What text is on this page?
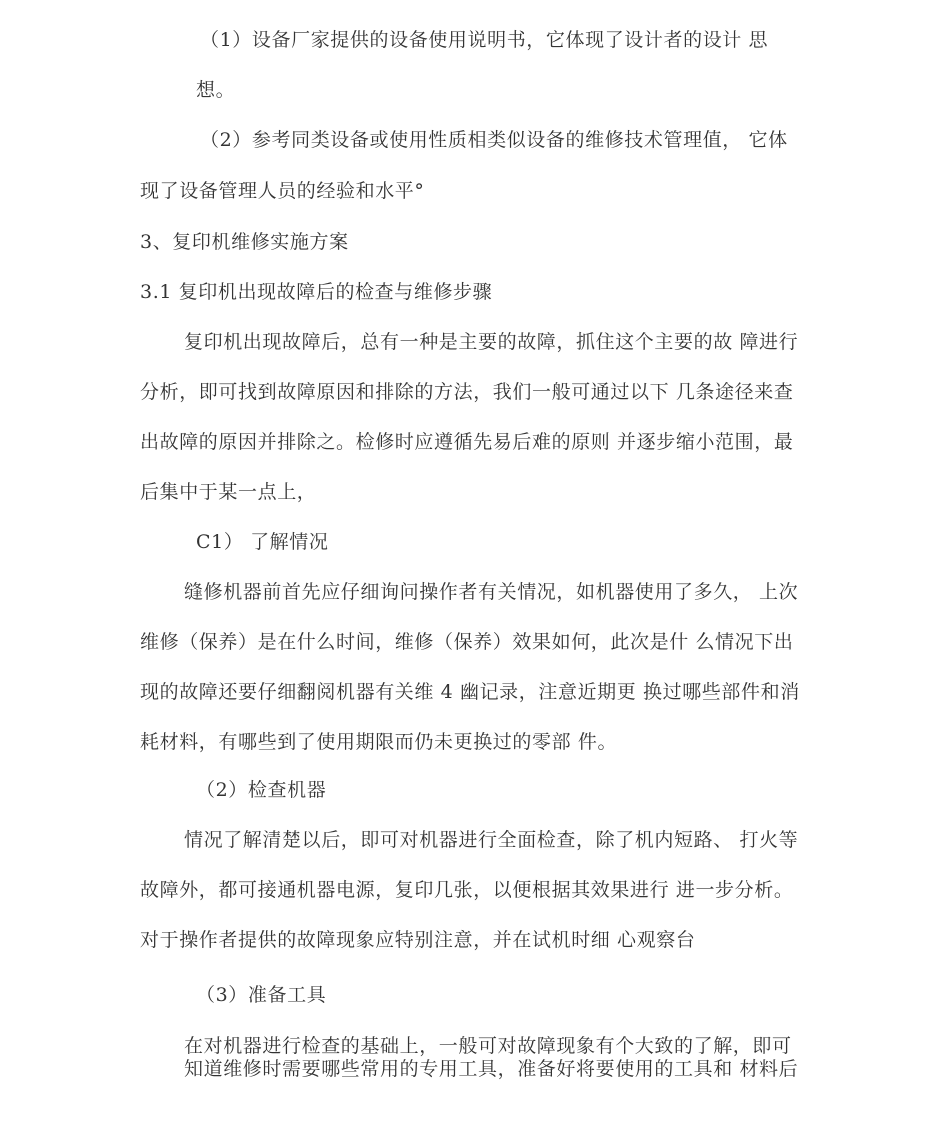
（1）设备厂家提供的设备使用说明书，它体现了设计者的设计 思
想。
（2）参考同类设备或使用性质相类似设备的维修技术管理值， 它体
现了设备管理人员的经验和水平°
3、复印机维修实施方案
3.1 复印机出现故障后的检查与维修步骤
复印机出现故障后，总有一种是主要的故障，抓住这个主要的故 障进行
分析，即可找到故障原因和排除的方法，我们一般可通过以下 几条途径来查
出故障的原因并排除之。检修时应遵循先易后难的原则 并逐步缩小范围，最
后集中于某一点上，
C1） 了解情况
缝修机器前首先应仔细询问操作者有关情况，如机器使用了多久， 上次
维修（保养）是在什么时间，维修（保养）效果如何，此次是什 么情况下出
现的故障还要仔细翻阅机器有关维 4 幽记录，注意近期更 换过哪些部件和消
耗材料，有哪些到了使用期限而仍未更换过的零部 件。
（2）检查机器
情况了解清楚以后，即可对机器进行全面检查，除了机内短路、 打火等
故障外，都可接通机器电源，复印几张，以便根据其效果进行 进一步分析。
对于操作者提供的故障现象应特别注意，并在试机时细 心观察台
（3）准备工具
在对机器进行检查的基础上，一般可对故障现象有个大致的了解，即可
知道维修时需要哪些常用的专用工具，准备好将要使用的工具和 材料后
